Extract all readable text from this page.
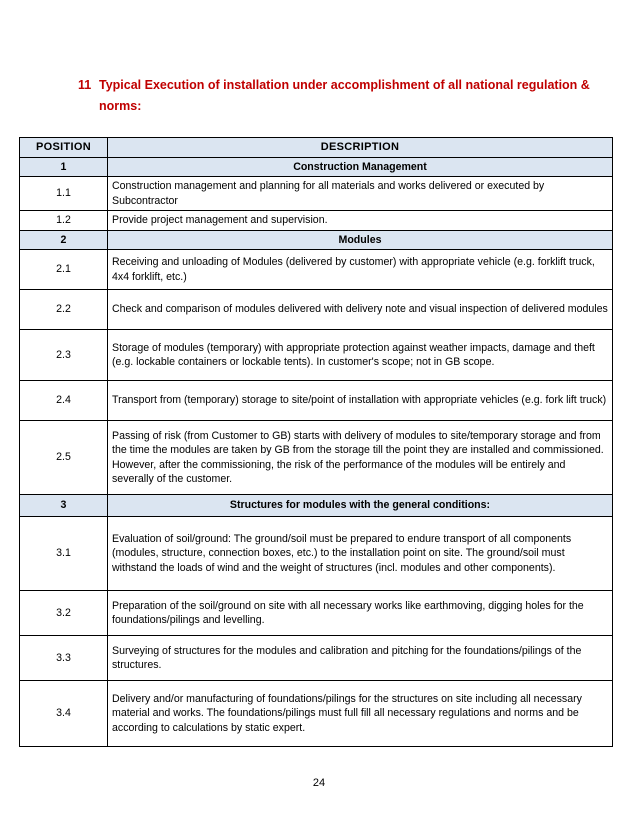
11 Typical Execution of installation under accomplishment of all national regulation & norms:
POSITION	DESCRIPTION
1	Construction Management
1.1	Construction management and planning for all materials and works delivered or executed by Subcontractor
1.2	Provide project management and supervision.
2	Modules
2.1	Receiving and unloading of Modules (delivered by customer) with appropriate vehicle (e.g. forklift truck, 4x4 forklift, etc.)
2.2	Check and comparison of modules delivered with delivery note and visual inspection of delivered modules
2.3	Storage of modules (temporary) with appropriate protection against weather impacts, damage and theft (e.g. lockable containers or lockable tents). In customer's scope; not in GB scope.
2.4	Transport from (temporary) storage to site/point of installation with appropriate vehicles (e.g. fork lift truck)
2.5	Passing of risk (from Customer to GB) starts with delivery of modules to site/temporary storage and from the time the modules are taken by GB from the storage till the point they are installed and commissioned. However, after the commissioning, the risk of the performance of the modules will be entirely and severally of the customer.
3	Structures for modules with the general conditions:
3.1	Evaluation of soil/ground: The ground/soil must be prepared to endure transport of all components (modules, structure, connection boxes, etc.) to the installation point on site. The ground/soil must withstand the loads of wind and the weight of structures (incl. modules and other components).
3.2	Preparation of the soil/ground on site with all necessary works like earthmoving, digging holes for the foundations/pilings and levelling.
3.3	Surveying of structures for the modules and calibration and pitching for the foundations/pilings of the structures.
3.4	Delivery and/or manufacturing of foundations/pilings for the structures on site including all necessary material and works. The foundations/pilings must full fill all necessary regulations and norms and be according to calculations by static expert.
24
